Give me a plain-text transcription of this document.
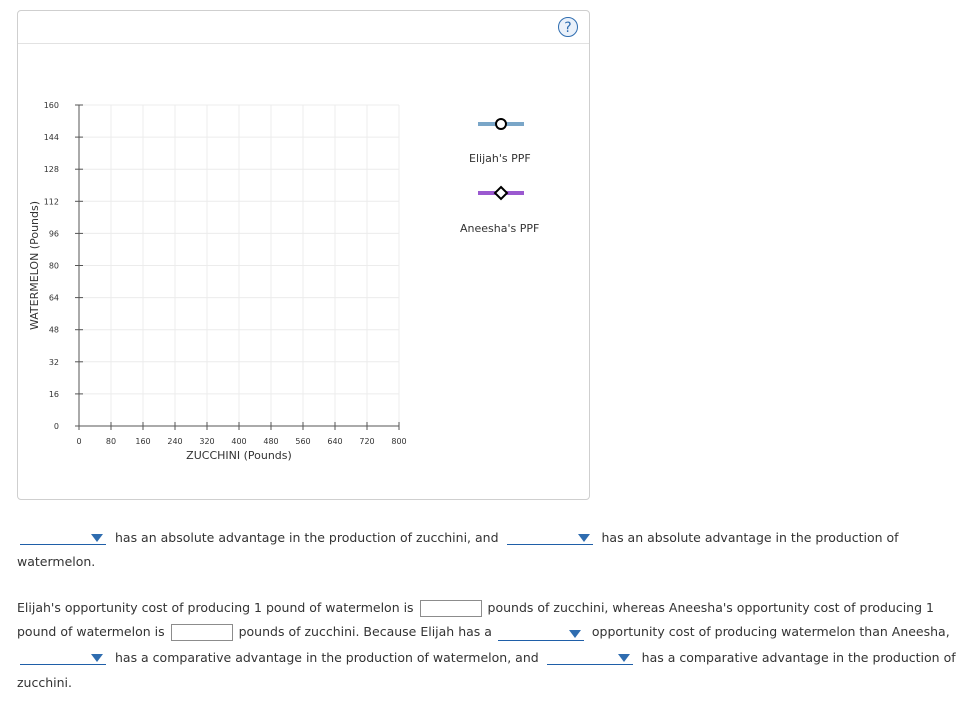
?
0
16
32
48
64
80
96
112
128
144
160
0	80 160 240 320 400 480 560 640 720 800
ZUCCHINI (Pounds)
WATERMELON (Pounds)
Elijah's PPF
Aneesha's PPF
has an absolute advantage in the production of zucchini, and	has an absolute advantage in the production of
watermelon.
Elijah's opportunity cost of producing 1 pound of watermelon is	pounds of zucchini, whereas Aneesha's opportunity cost of producing 1
pound of watermelon is	pounds of zucchini. Because Elijah has a	opportunity cost of producing watermelon than Aneesha,
has a comparative advantage in the production of watermelon, and	has a comparative advantage in the production of
zucchini.
